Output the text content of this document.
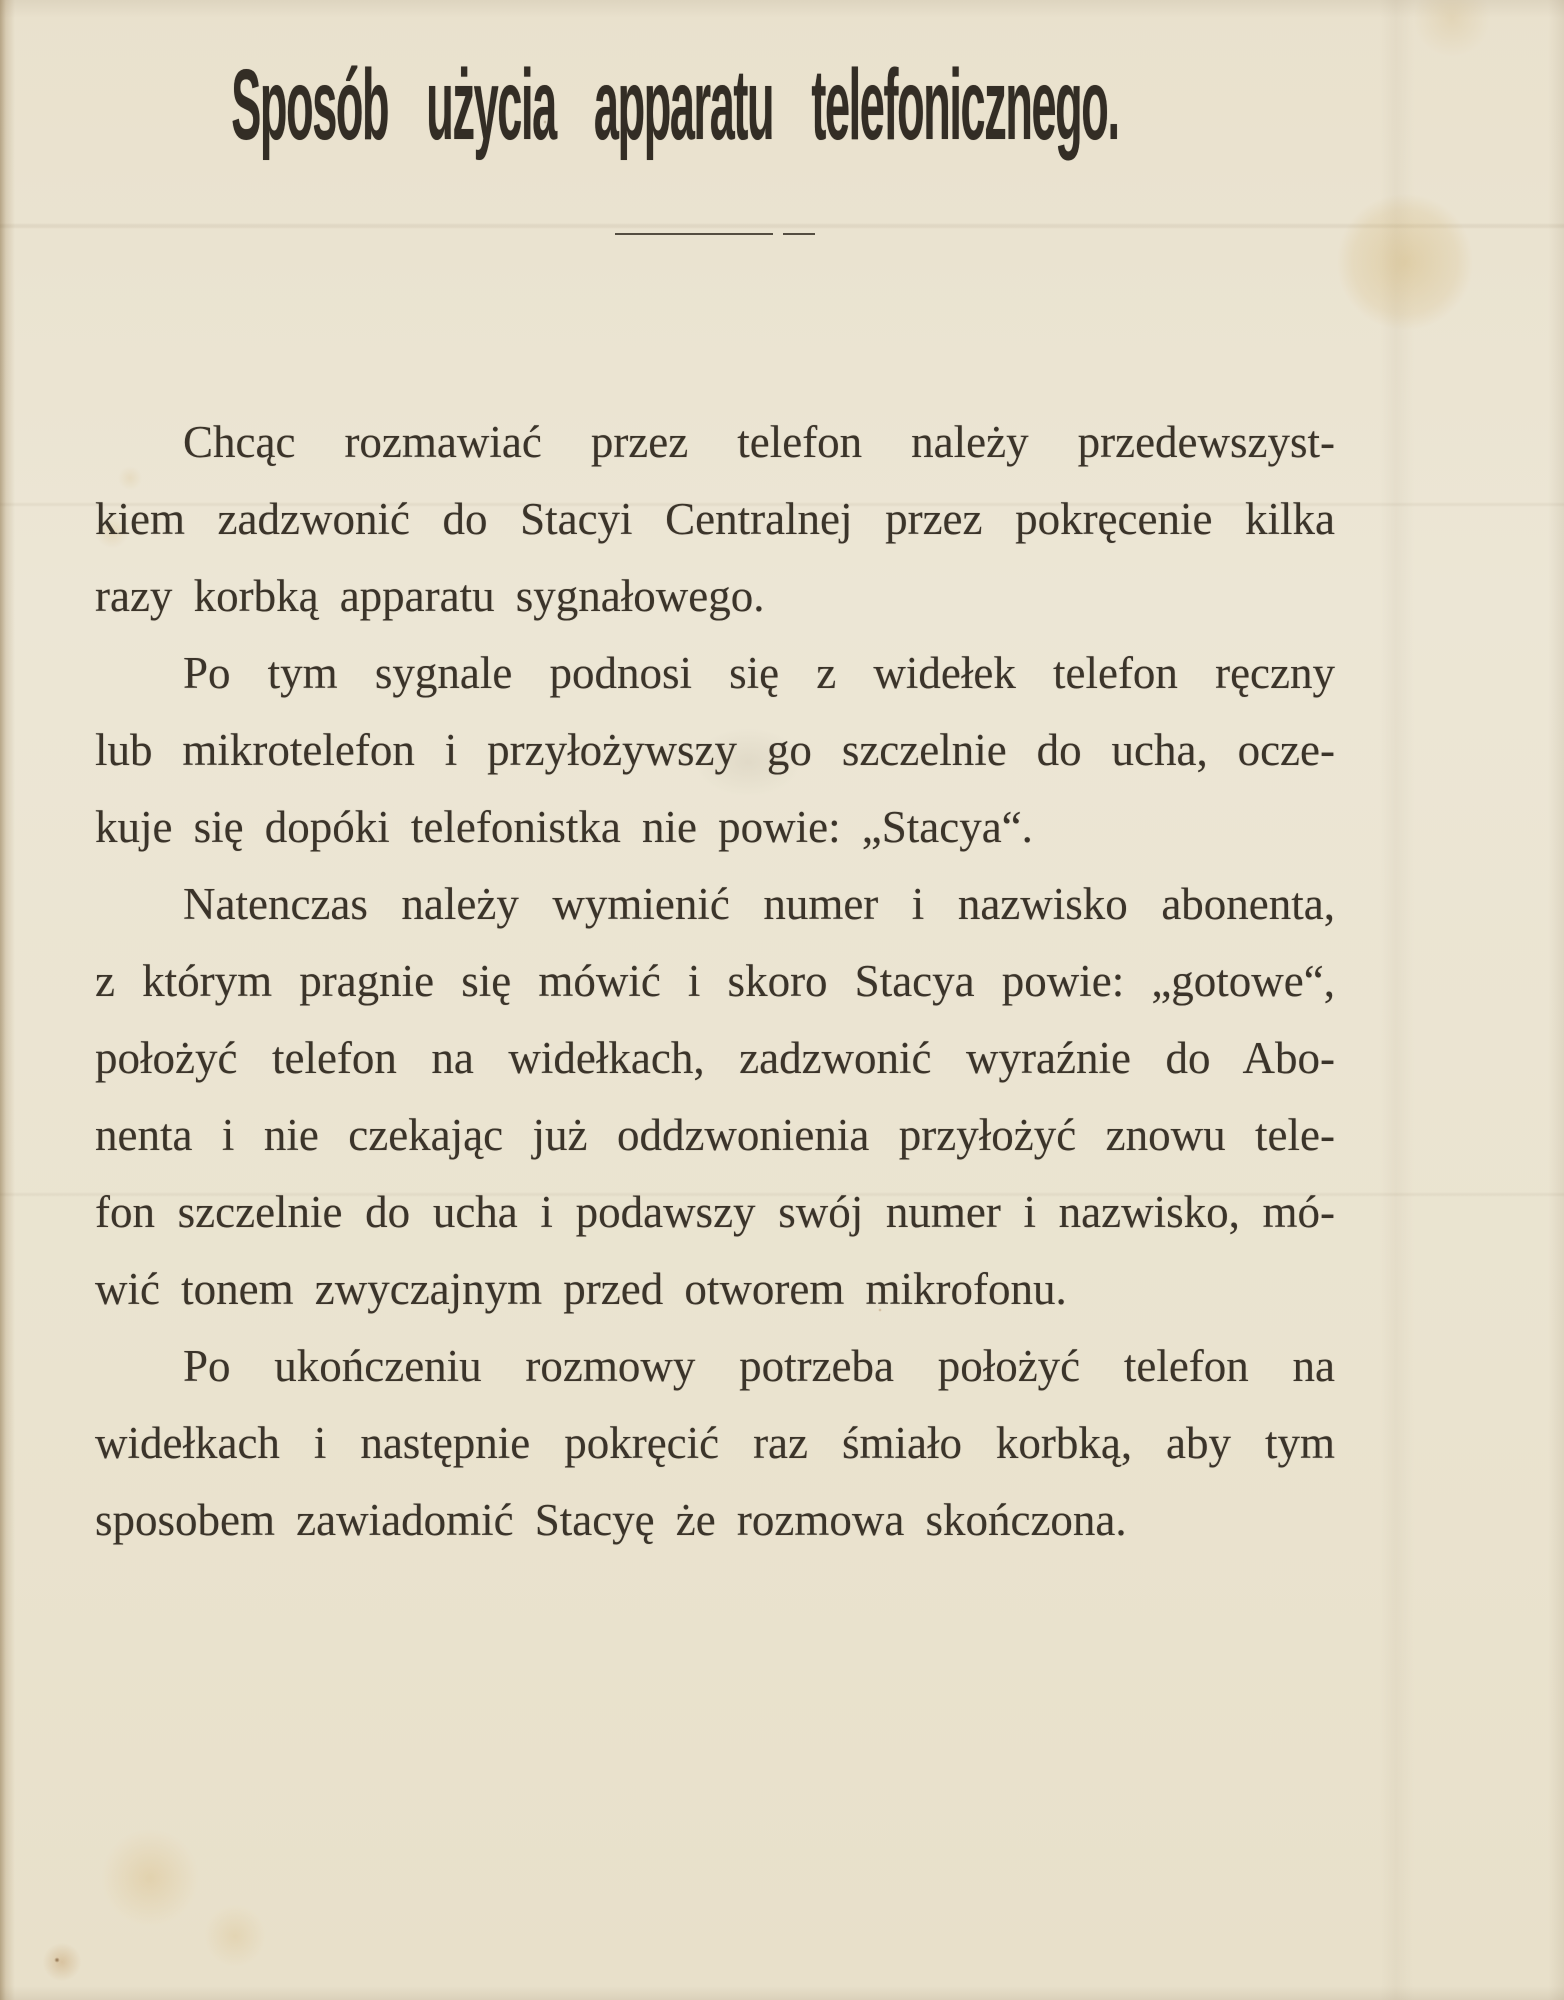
Sposób użycia apparatu telefonicznego.
Chcąc rozmawiać przez telefon należy przedewszyst-
kiem zadzwonić do Stacyi Centralnej przez pokręcenie kilka
razy korbką apparatu sygnałowego.
Po tym sygnale podnosi się z widełek telefon ręczny
lub mikrotelefon i przyłożywszy go szczelnie do ucha, ocze-
kuje się dopóki telefonistka nie powie: „Stacya“.
Natenczas należy wymienić numer i nazwisko abonenta,
z którym pragnie się mówić i skoro Stacya powie: „gotowe“,
położyć telefon na widełkach, zadzwonić wyraźnie do Abo-
nenta i nie czekając już oddzwonienia przyłożyć znowu tele-
fon szczelnie do ucha i podawszy swój numer i nazwisko, mó-
wić tonem zwyczajnym przed otworem mikrofonu.
Po ukończeniu rozmowy potrzeba położyć telefon na
widełkach i następnie pokręcić raz śmiało korbką, aby tym
sposobem zawiadomić Stacyę że rozmowa skończona.
